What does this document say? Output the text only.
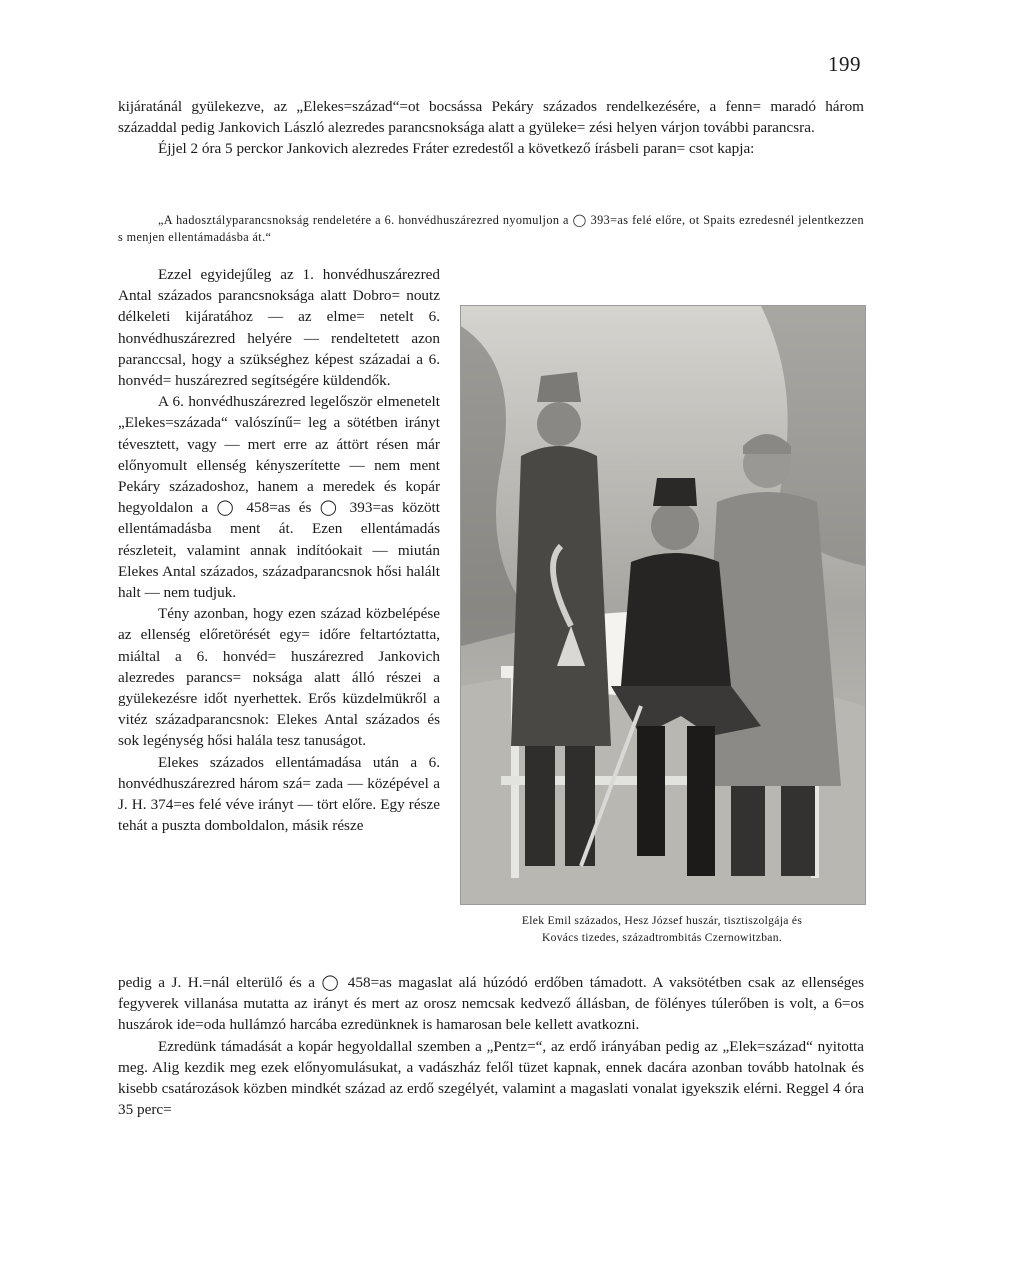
199

kijáratánál gyülekezve, az „Elekes=század“=ot bocsássa Pekáry százados rendelkezésére, a fenn= maradó három századdal pedig Jankovich László alezredes parancsnoksága alatt a gyüleke= zési helyen várjon további parancsra.

Éjjel 2 óra 5 perckor Jankovich alezredes Fráter ezredestől a következő írásbeli paran= csot kapja:

„A hadosztályparancsnokság rendeletére a 6. honvédhuszárezred nyomuljon a ◯ 393=as felé előre, ot Spaits ezredesnél jelentkezzen s menjen ellentámadásba át.“

Ezzel egyidejűleg az 1. honvédhuszárezred Antal százados parancsnoksága alatt Dobro= noutz délkeleti kijáratához — az elme= netelt 6. honvédhuszárezred helyére — rendeltetett azon paranccsal, hogy a szükséghez képest századai a 6. honvéd= huszárezred segítségére küldendők.

A 6. honvédhuszárezred legelőször elmenetelt „Elekes=százada“ valószínű= leg a sötétben irányt tévesztett, vagy — mert erre az áttört résen már előnyomult ellenség kényszerítette — nem ment Pekáry századoshoz, hanem a meredek és kopár hegyoldalon a ◯ 458=as és ◯ 393=as között ellentámadásba ment át. Ezen ellentámadás részleteit, valamint annak indítóokait — miután Elekes Antal százados, századparancsnok hősi halált halt — nem tudjuk.

Tény azonban, hogy ezen század közbelépése az ellenség előretörését egy= időre feltartóztatta, miáltal a 6. honvéd= huszárezred Jankovich alezredes parancs= noksága alatt álló részei a gyülekezésre időt nyerhettek. Erős küzdelmükről a vitéz századparancsnok: Elekes Antal százados és sok legénység hősi halála tesz tanuságot.

Elekes százados ellentámadása után a 6. honvédhuszárezred három szá= zada — középével a J. H. 374=es felé véve irányt — tört előre. Egy része tehát a puszta domboldalon, másik része

Elek Emil százados, Hesz József huszár, tisztiszolgája és

Kovács tizedes, századtrombitás Czernowitzban.

pedig a J. H.=nál elterülő és a ◯ 458=as magaslat alá húzódó erdőben támadott. A vaksötétben csak az ellenséges fegyverek villanása mutatta az irányt és mert az orosz nemcsak kedvező állásban, de fölényes túlerőben is volt, a 6=os huszárok ide=oda hullámzó harcába ezredünknek is hamarosan bele kellett avatkozni.

Ezredünk támadását a kopár hegyoldallal szemben a „Pentz=“, az erdő irányában pedig az „Elek=század“ nyitotta meg. Alig kezdik meg ezek előnyomulásukat, a vadászház felől tüzet kapnak, ennek dacára azonban tovább hatolnak és kisebb csatározások közben mindkét század az erdő szegélyét, valamint a magaslati vonalat igyekszik elérni. Reggel 4 óra 35 perc=
